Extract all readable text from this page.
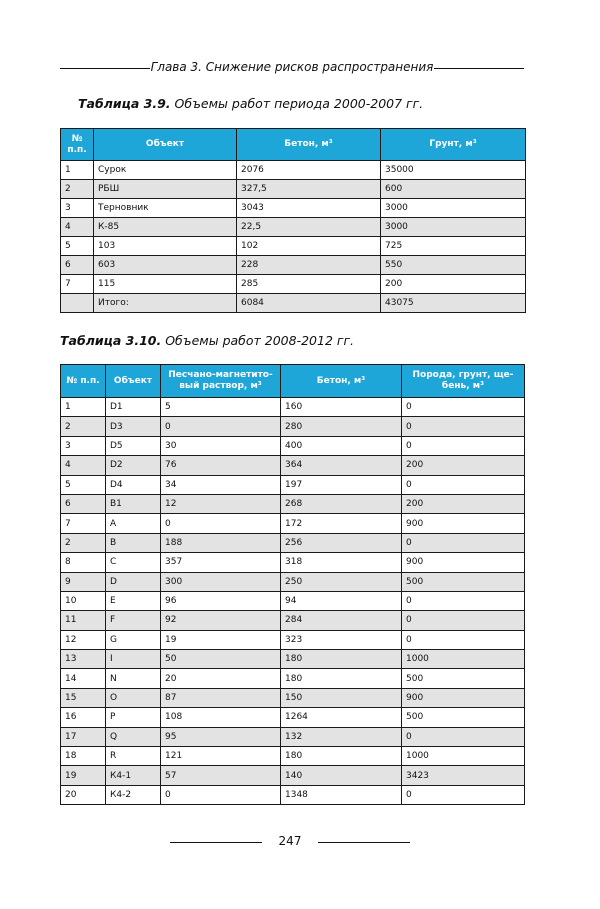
Глава 3. Снижение рисков распространения
Таблица 3.9. Объемы работ периода 2000-2007 гг.
№ п.п.	Объект	Бетон, м³	Грунт, м³
1	Сурок	2076	35000
2	РБШ	327,5	600
3	Терновник	3043	3000
4	К-85	22,5	3000
5	103	102	725
6	603	228	550
7	115	285	200
	Итого:	6084	43075
Таблица 3.10. Объемы работ 2008-2012 гг.
№ п.п.	Объект	Песчано-магнетито-вый раствор, м³	Бетон, м³	Порода, грунт, ще-бень, м³
1	D1	5	160	0
2	D3	0	280	0
3	D5	30	400	0
4	D2	76	364	200
5	D4	34	197	0
6	B1	12	268	200
7	A	0	172	900
2	B	188	256	0
8	C	357	318	900
9	D	300	250	500
10	E	96	94	0
11	F	92	284	0
12	G	19	323	0
13	I	50	180	1000
14	N	20	180	500
15	O	87	150	900
16	P	108	1264	500
17	Q	95	132	0
18	R	121	180	1000
19	К4-1	57	140	3423
20	К4-2	0	1348	0
247
